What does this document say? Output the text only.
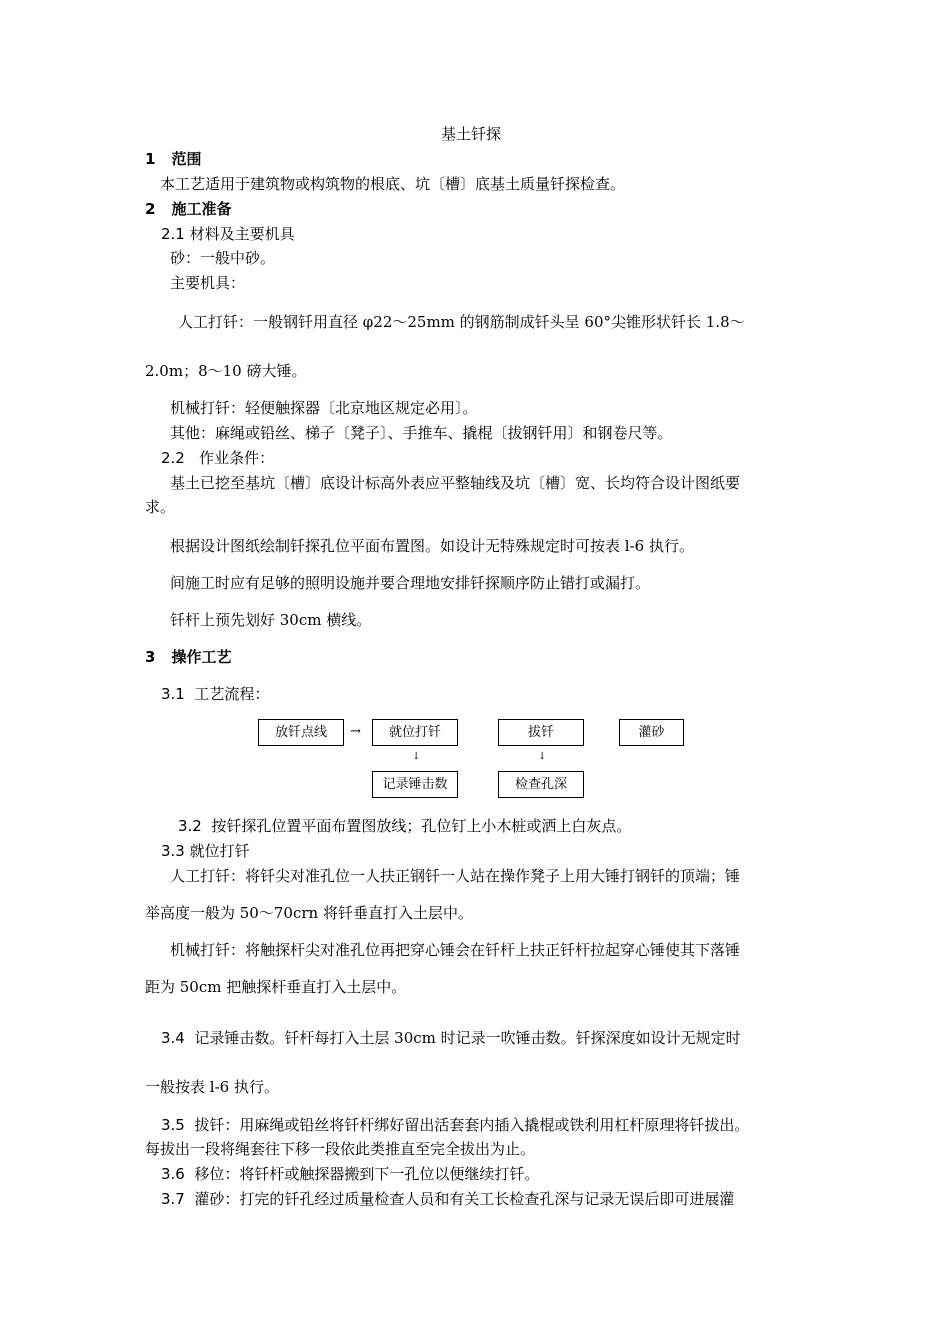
基土钎探
1 范围
本工艺适用于建筑物或构筑物的根底、坑〔槽〕底基土质量钎探检查。
2 施工准备
2.1 材料及主要机具
砂：一般中砂。
主要机具：
人工打钎：一般钢钎用直径 φ22～25mm 的钢筋制成钎头呈 60°尖锥形状钎长 1.8～
2.0m；8～10 磅大锤。
机械打钎：轻便触探器〔北京地区规定必用〕。
其他：麻绳或铅丝、梯子〔凳子〕、手推车、撬棍〔拔钢钎用〕和钢卷尺等。
2.2 作业条件：
基土已挖至基坑〔槽〕底设计标高外表应平整轴线及坑〔槽〕宽、长均符合设计图纸要
求。
根据设计图纸绘制钎探孔位平面布置图。如设计无特殊规定时可按表 l-6 执行。
间施工时应有足够的照明设施并要合理地安排钎探顺序防止错打或漏打。
钎杆上预先划好 30cm 横线。
3 操作工艺
3.1 工艺流程：
放钎点线	→	就位打钎	拔钎	灌砂
↓	↓
记录锤击数	检查孔深
3.2 按钎探孔位置平面布置图放线；孔位钉上小木桩或洒上白灰点。
3.3 就位打钎
人工打钎：将钎尖对准孔位一人扶正钢钎一人站在操作凳子上用大锤打钢钎的顶端；锤
举高度一般为 50～70crn 将钎垂直打入土层中。
机械打钎：将触探杆尖对准孔位再把穿心锤会在钎杆上扶正钎杆拉起穿心锤使其下落锤
距为 50cm 把触探杆垂直打入土层中。
3.4 记录锤击数。钎杆每打入土层 30cm 时记录一吹锤击数。钎探深度如设计无规定时
一般按表 l-6 执行。
3.5 拔钎：用麻绳或铅丝将钎杆绑好留出活套套内插入撬棍或铁利用杠杆原理将钎拔出。
每拔出一段将绳套往下移一段依此类推直至完全拔出为止。
3.6 移位：将钎杆或触探器搬到下一孔位以便继续打钎。
3.7 灌砂：打完的钎孔经过质量检查人员和有关工长检查孔深与记录无误后即可进展灌
